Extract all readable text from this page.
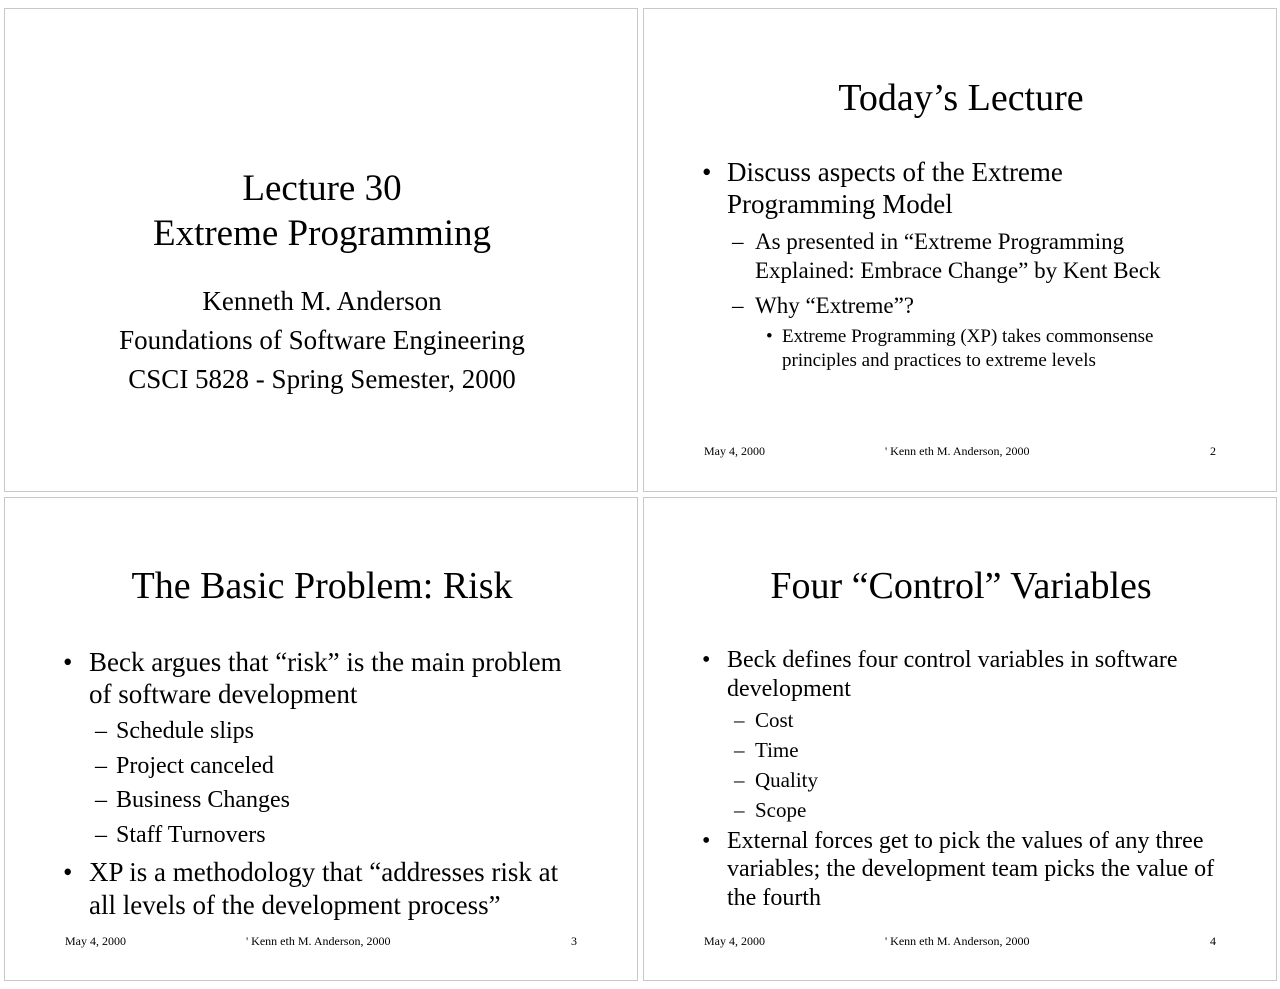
Lecture 30

Extreme Programming

Kenneth M. Anderson

Foundations of Software Engineering

CSCI 5828 - Spring Semester, 2000

Today’s Lecture

• Discuss aspects of the Extreme

Programming Model

– As presented in “Extreme Programming

Explained: Embrace Change” by Kent Beck

– Why “Extreme”?

• Extreme Programming (XP) takes commonsense

principles and practices to extreme levels

May 4, 2000	' Kenn eth M. Anderson, 2000	2

The Basic Problem: Risk

• Beck argues that “risk” is the main problem

of software development

– Schedule slips

– Project canceled

– Business Changes

– Staff Turnovers

• XP is a methodology that “addresses risk at

all levels of the development process”

May 4, 2000	' Kenn eth M. Anderson, 2000	3

Four “Control” Variables

• Beck defines four control variables in software

development

– Cost

– Time

– Quality

– Scope

• External forces get to pick the values of any three

variables; the development team picks the value of

the fourth

May 4, 2000	' Kenn eth M. Anderson, 2000	4
